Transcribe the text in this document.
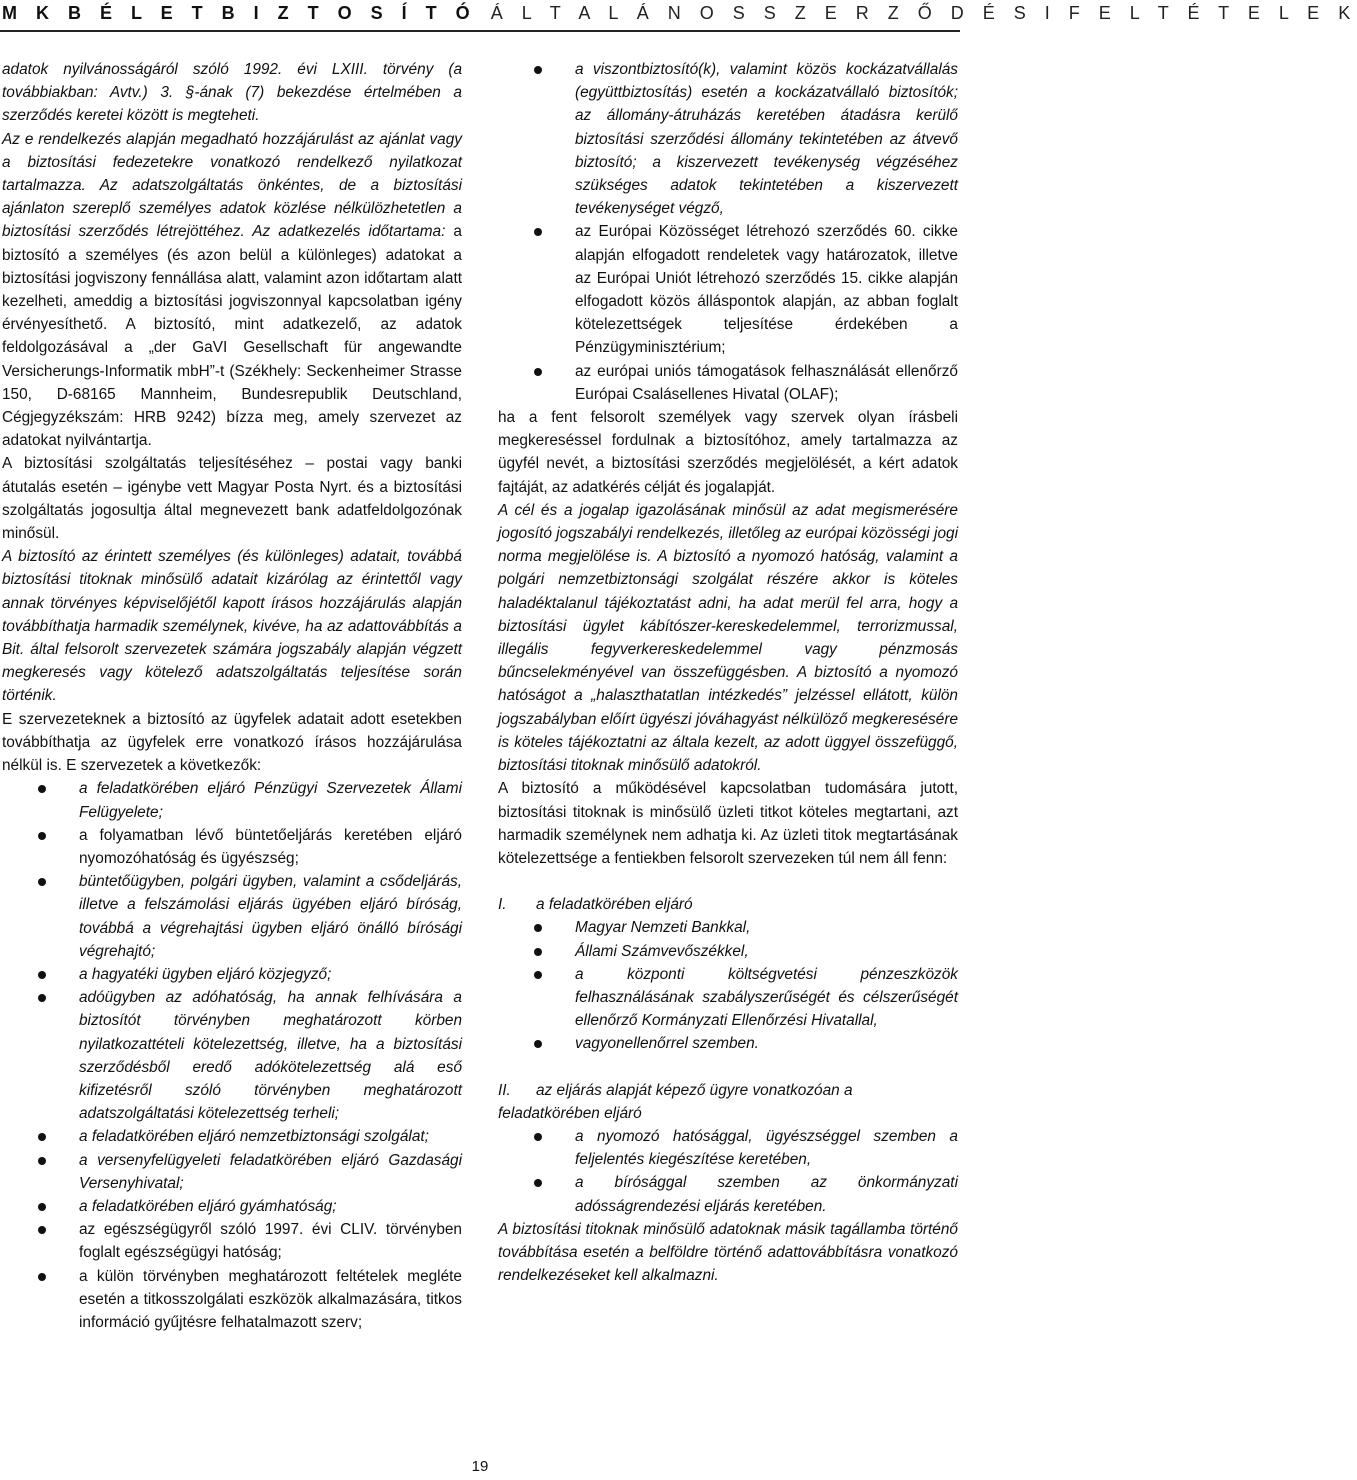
M K B É L E T B I Z T O S Í T Ó Á L T A L Á N O S S Z E R Z Ő D É S I F E L T É T E L E K

adatok nyilvánosságáról szóló 1992. évi LXIII. törvény (a továbbiakban: Avtv.) 3. §-ának (7) bekezdése értelmében a szerződés keretei között is megteheti.

Az e rendelkezés alapján megadható hozzájárulást az ajánlat vagy a biztosítási fedezetekre vonatkozó rendelkező nyilatkozat tartalmazza. Az adatszolgáltatás önkéntes, de a biztosítási ajánlaton szereplő személyes adatok közlése nélkülözhetetlen a biztosítási szerződés létrejöttéhez. Az adatkezelés időtartama: a biztosító a személyes (és azon belül a különleges) adatokat a biztosítási jogviszony fennállása alatt, valamint azon időtartam alatt kezelheti, ameddig a biztosítási jogviszonnyal kapcsolatban igény érvényesíthető. A biztosító, mint adatkezelő, az adatok feldolgozásával a „der GaVI Gesellschaft für angewandte Versicherungs-Informatik mbH”-t (Székhely: Seckenheimer Strasse 150, D-68165 Mannheim, Bundesrepublik Deutschland, Cégjegyzékszám: HRB 9242) bízza meg, amely szervezet az adatokat nyilvántartja.

A biztosítási szolgáltatás teljesítéséhez – postai vagy banki átutalás esetén – igénybe vett Magyar Posta Nyrt. és a biztosítási szolgáltatás jogosultja által megnevezett bank adatfeldolgozónak minősül.

A biztosító az érintett személyes (és különleges) adatait, továbbá biztosítási titoknak minősülő adatait kizárólag az érintettől vagy annak törvényes képviselőjétől kapott írásos hozzájárulás alapján továbbíthatja harmadik személynek, kivéve, ha az adattovábbítás a Bit. által felsorolt szervezetek számára jogszabály alapján végzett megkeresés vagy kötelező adatszolgáltatás teljesítése során történik.

E szervezeteknek a biztosító az ügyfelek adatait adott esetekben továbbíthatja az ügyfelek erre vonatkozó írásos hozzájárulása nélkül is. E szervezetek a következők:

a feladatkörében eljáró Pénzügyi Szervezetek Állami Felügyelete;

a folyamatban lévő büntetőeljárás keretében eljáró nyomozóhatóság és ügyészség;

büntetőügyben, polgári ügyben, valamint a csődeljárás, illetve a felszámolási eljárás ügyében eljáró bíróság, továbbá a végrehajtási ügyben eljáró önálló bírósági végrehajtó;

a hagyatéki ügyben eljáró közjegyző;

adóügyben az adóhatóság, ha annak felhívására a biztosítót törvényben meghatározott körben nyilatkozattételi kötelezettség, illetve, ha a biztosítási szerződésből eredő adókötelezettség alá eső kifizetésről szóló törvényben meghatározott adatszolgáltatási kötelezettség terheli;

a feladatkörében eljáró nemzetbiztonsági szolgálat;

a versenyfelügyeleti feladatkörében eljáró Gazdasági Versenyhivatal;

a feladatkörében eljáró gyámhatóság;

az egészségügyről szóló 1997. évi CLIV. törvényben foglalt egészségügyi hatóság;

a külön törvényben meghatározott feltételek megléte esetén a titkosszolgálati eszközök alkalmazására, titkos információ gyűjtésre felhatalmazott szerv;

a viszontbiztosító(k), valamint közös kockázatvállalás (együttbiztosítás) esetén a kockázatvállaló biztosítók; az állomány-átruházás keretében átadásra kerülő biztosítási szerződési állomány tekintetében az átvevő biztosító; a kiszervezett tevékenység végzéséhez szükséges adatok tekintetében a kiszervezett tevékenységet végző,

az Európai Közösséget létrehozó szerződés 60. cikke alapján elfogadott rendeletek vagy határozatok, illetve az Európai Uniót létrehozó szerződés 15. cikke alapján elfogadott közös álláspontok alapján, az abban foglalt kötelezettségek teljesítése érdekében a Pénzügyminisztérium;

az európai uniós támogatások felhasználását ellenőrző Európai Csalásellenes Hivatal (OLAF);

ha a fent felsorolt személyek vagy szervek olyan írásbeli megkereséssel fordulnak a biztosítóhoz, amely tartalmazza az ügyfél nevét, a biztosítási szerződés megjelölését, a kért adatok fajtáját, az adatkérés célját és jogalapját.

A cél és a jogalap igazolásának minősül az adat megismerésére jogosító jogszabályi rendelkezés, illetőleg az európai közösségi jogi norma megjelölése is. A biztosító a nyomozó hatóság, valamint a polgári nemzetbiztonsági szolgálat részére akkor is köteles haladéktalanul tájékoztatást adni, ha adat merül fel arra, hogy a biztosítási ügylet kábítószer-kereskedelemmel, terrorizmussal, illegális fegyverkereskedelemmel vagy pénzmosás bűncselekményével van összefüggésben. A biztosító a nyomozó hatóságot a „halaszthatatlan intézkedés” jelzéssel ellátott, külön jogszabályban előírt ügyészi jóváhagyást nélkülöző megkeresésére is köteles tájékoztatni az általa kezelt, az adott üggyel összefüggő, biztosítási titoknak minősülő adatokról.

A biztosító a működésével kapcsolatban tudomására jutott, biztosítási titoknak is minősülő üzleti titkot köteles megtartani, azt harmadik személynek nem adhatja ki. Az üzleti titok megtartásának kötelezettsége a fentiekben felsorolt szervezeken túl nem áll fenn:

I. a feladatkörében eljáró

Magyar Nemzeti Bankkal,

Állami Számvevőszékkel,

a központi költségvetési pénzeszközök felhasználásának szabályszerűségét és célszerűségét ellenőrző Kormányzati Ellenőrzési Hivatallal,

vagyonellenőrrel szemben.

II. az eljárás alapját képező ügyre vonatkozóan a feladatkörében eljáró

a nyomozó hatósággal, ügyészséggel szemben a feljelentés kiegészítése keretében,

a bírósággal szemben az önkormányzati adósságrendezési eljárás keretében.

A biztosítási titoknak minősülő adatoknak másik tagállamba történő továbbítása esetén a belföldre történő adattovábbításra vonatkozó rendelkezéseket kell alkalmazni.

19
